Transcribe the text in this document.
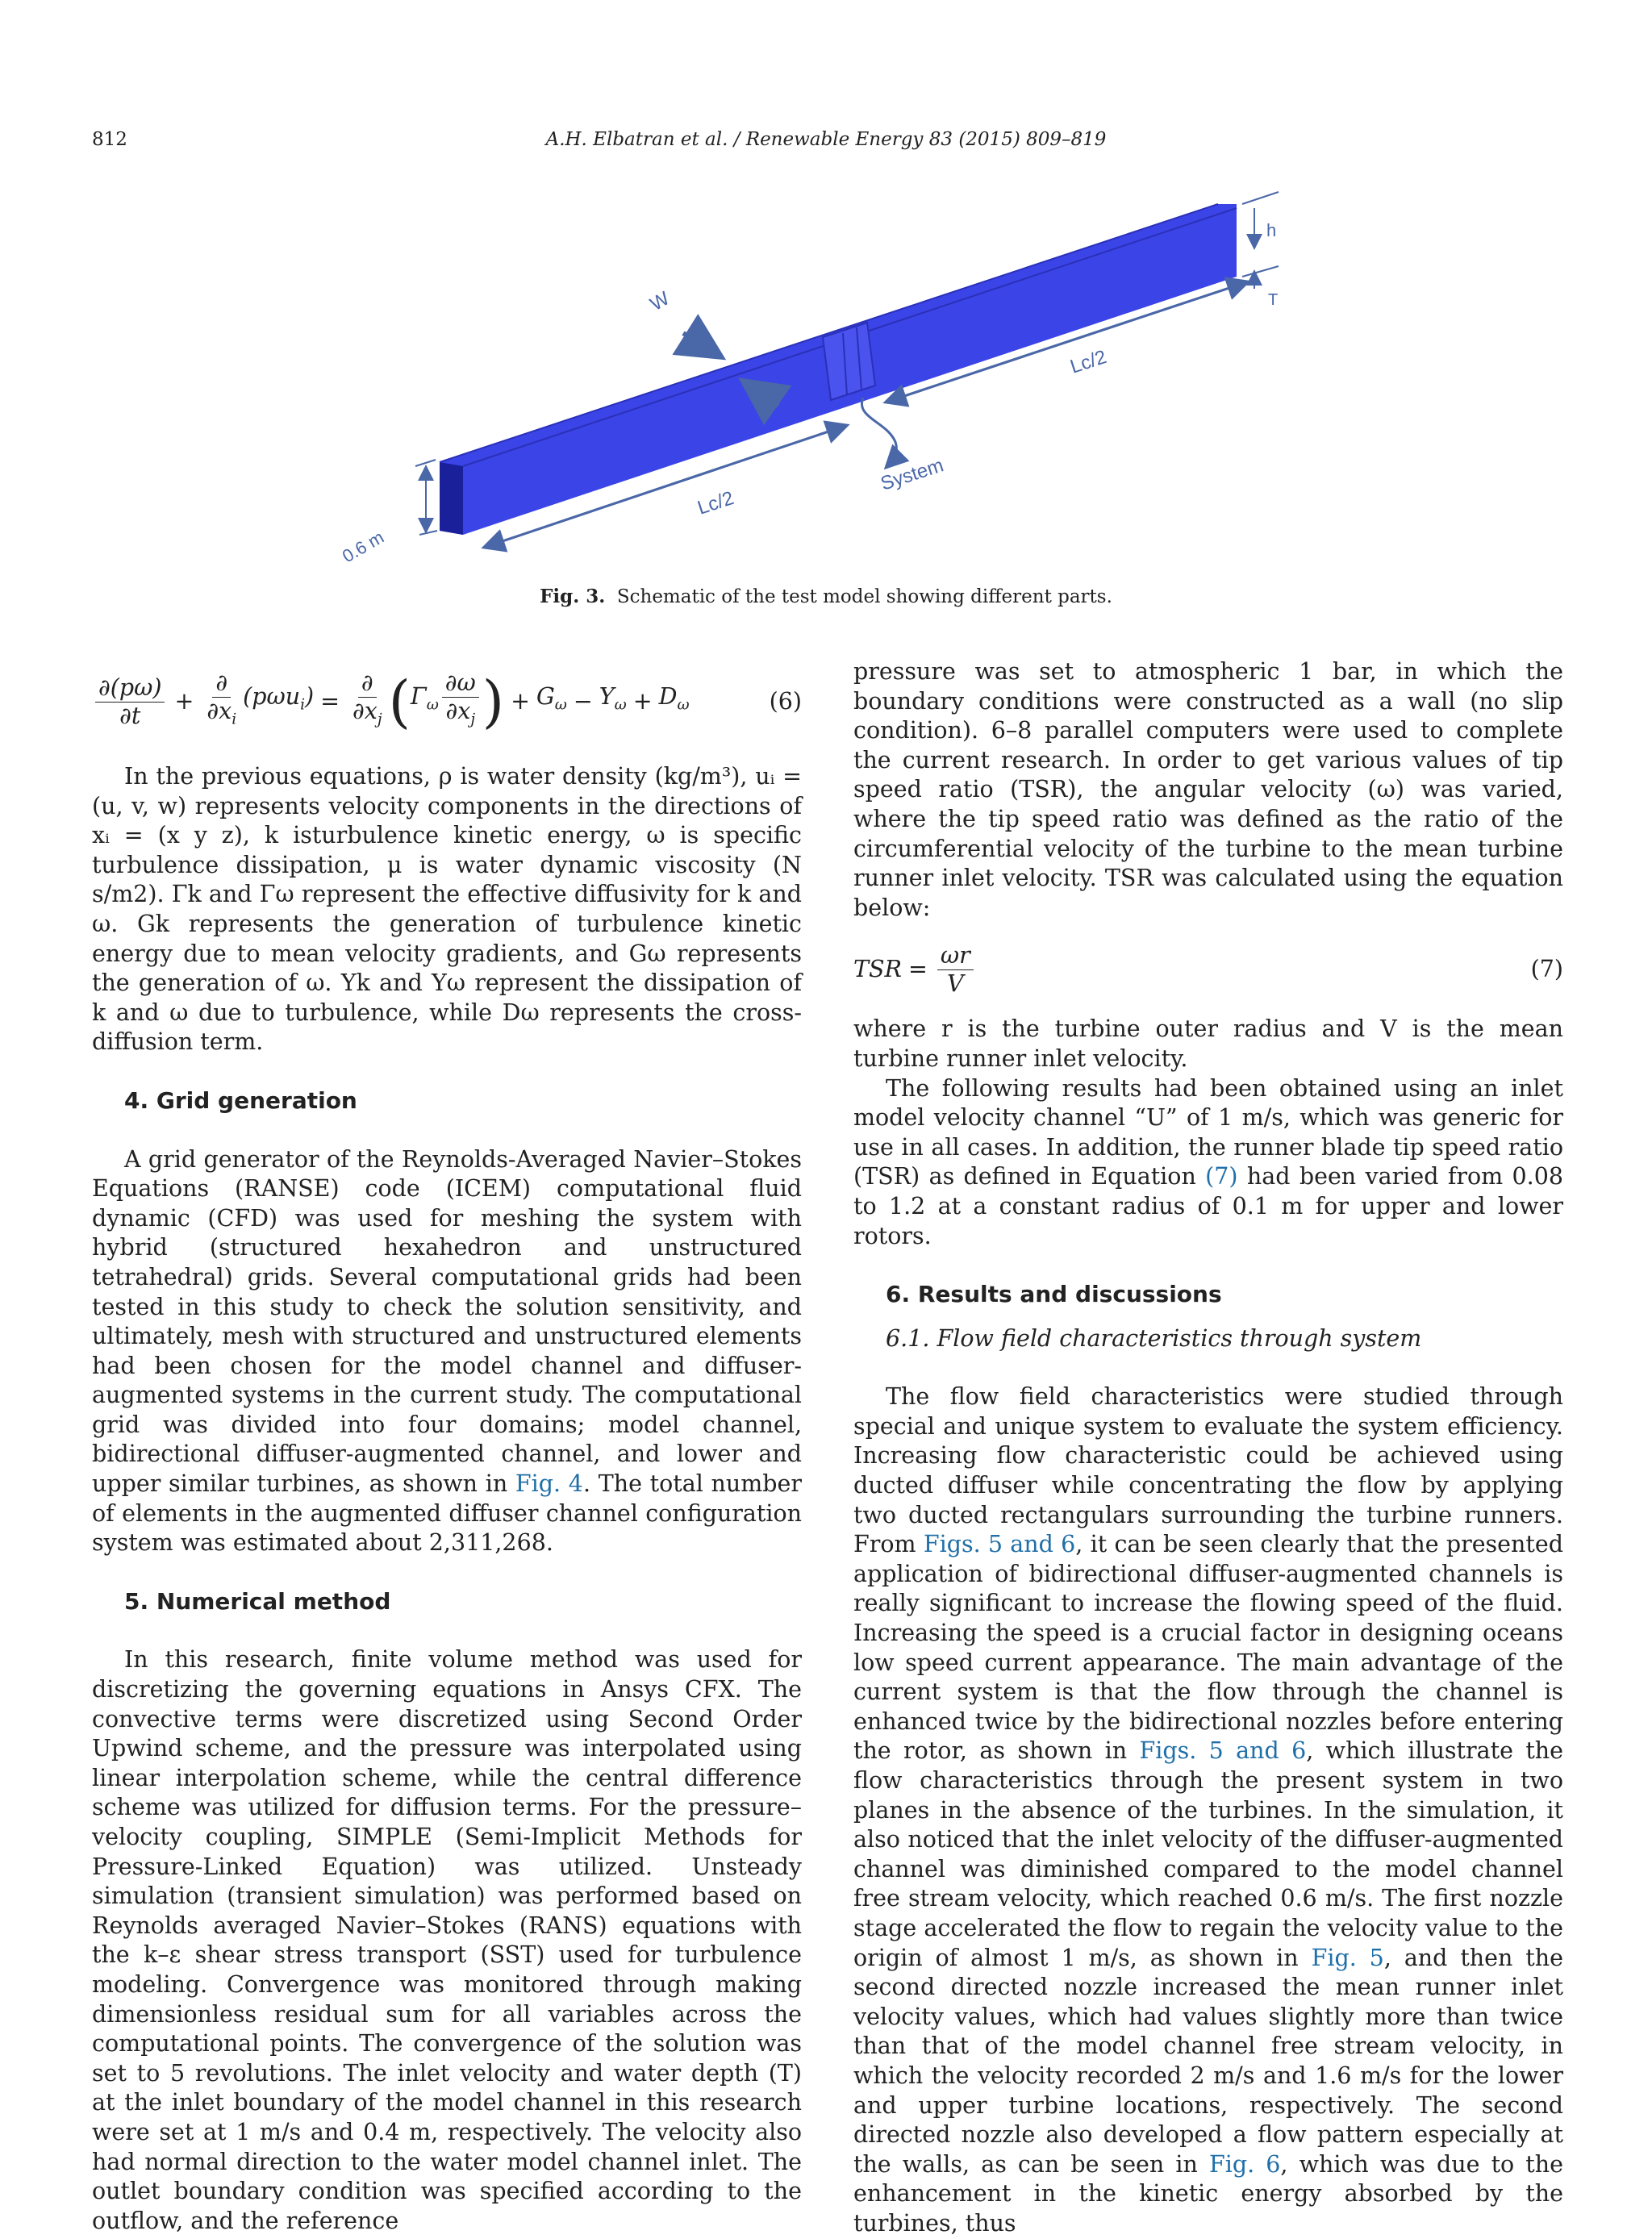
812	A.H. Elbatran et al. / Renewable Energy 83 (2015) 809–819
W
h
T
Lc/2
Lc/2
System
0.6 m
Fig. 3. Schematic of the test model showing different parts.
$\frac{\partial(p\omega)}{\partial t} + \frac{\partial}{\partial x_i} (p\omega u_i) = \frac{\partial}{\partial x_j}$ ( $\Gamma_\omega \frac{\partial\omega}{\partial x_j}$ ) + $G_\omega - Y_\omega + D_\omega$	(6)

In the previous equations, ρ is water density (kg/m³), uᵢ = (u, v, w) represents velocity components in the directions of xᵢ = (x y z), k isturbulence kinetic energy, ω is specific turbulence dissipation, μ is water dynamic viscosity (N s/m2). Γk and Γω represent the effective diffusivity for k and ω. Gk represents the generation of turbulence kinetic energy due to mean velocity gradients, and Gω represents the generation of ω. Yk and Yω represent the dissipation of k and ω due to turbulence, while Dω represents the cross-diffusion term.

4. Grid generation

A grid generator of the Reynolds-Averaged Navier–Stokes Equations (RANSE) code (ICEM) computational fluid dynamic (CFD) was used for meshing the system with hybrid (structured hexahedron and unstructured tetrahedral) grids. Several computational grids had been tested in this study to check the solution sensitivity, and ultimately, mesh with structured and unstructured elements had been chosen for the model channel and diffuser-augmented systems in the current study. The computational grid was divided into four domains; model channel, bidirectional diffuser-augmented channel, and lower and upper similar turbines, as shown in Fig. 4. The total number of elements in the augmented diffuser channel configuration system was estimated about 2,311,268.

5. Numerical method

In this research, finite volume method was used for discretizing the governing equations in Ansys CFX. The convective terms were discretized using Second Order Upwind scheme, and the pressure was interpolated using linear interpolation scheme, while the central difference scheme was utilized for diffusion terms. For the pressure–velocity coupling, SIMPLE (Semi-Implicit Methods for Pressure-Linked Equation) was utilized. Unsteady simulation (transient simulation) was performed based on Reynolds averaged Navier–Stokes (RANS) equations with the k–ε shear stress transport (SST) used for turbulence modeling. Convergence was monitored through making dimensionless residual sum for all variables across the computational points. The convergence of the solution was set to 5 revolutions. The inlet velocity and water depth (T) at the inlet boundary of the model channel in this research were set at 1 m/s and 0.4 m, respectively. The velocity also had normal direction to the water model channel inlet. The outlet boundary condition was specified according to the outflow, and the reference

pressure was set to atmospheric 1 bar, in which the boundary conditions were constructed as a wall (no slip condition). 6–8 parallel computers were used to complete the current research. In order to get various values of tip speed ratio (TSR), the angular velocity (ω) was varied, where the tip speed ratio was defined as the ratio of the circumferential velocity of the turbine to the mean turbine runner inlet velocity. TSR was calculated using the equation below:

TSR = $\frac{\omega r}{V}$	(7)

where r is the turbine outer radius and V is the mean turbine runner inlet velocity.

The following results had been obtained using an inlet model velocity channel “U” of 1 m/s, which was generic for use in all cases. In addition, the runner blade tip speed ratio (TSR) as defined in Equation (7) had been varied from 0.08 to 1.2 at a constant radius of 0.1 m for upper and lower rotors.

6. Results and discussions

6.1. Flow field characteristics through system

The flow field characteristics were studied through special and unique system to evaluate the system efficiency. Increasing flow characteristic could be achieved using ducted diffuser while concentrating the flow by applying two ducted rectangulars surrounding the turbine runners. From Figs. 5 and 6, it can be seen clearly that the presented application of bidirectional diffuser-augmented channels is really significant to increase the flowing speed of the fluid. Increasing the speed is a crucial factor in designing oceans low speed current appearance. The main advantage of the current system is that the flow through the channel is enhanced twice by the bidirectional nozzles before entering the rotor, as shown in Figs. 5 and 6, which illustrate the flow characteristics through the present system in two planes in the absence of the turbines. In the simulation, it also noticed that the inlet velocity of the diffuser-augmented channel was diminished compared to the model channel free stream velocity, which reached 0.6 m/s. The first nozzle stage accelerated the flow to regain the velocity value to the origin of almost 1 m/s, as shown in Fig. 5, and then the second directed nozzle increased the mean runner inlet velocity values, which had values slightly more than twice than that of the model channel free stream velocity, in which the velocity recorded 2 m/s and 1.6 m/s for the lower and upper turbine locations, respectively. The second directed nozzle also developed a flow pattern especially at the walls, as can be seen in Fig. 6, which was due to the enhancement in the kinetic energy absorbed by the turbines, thus
